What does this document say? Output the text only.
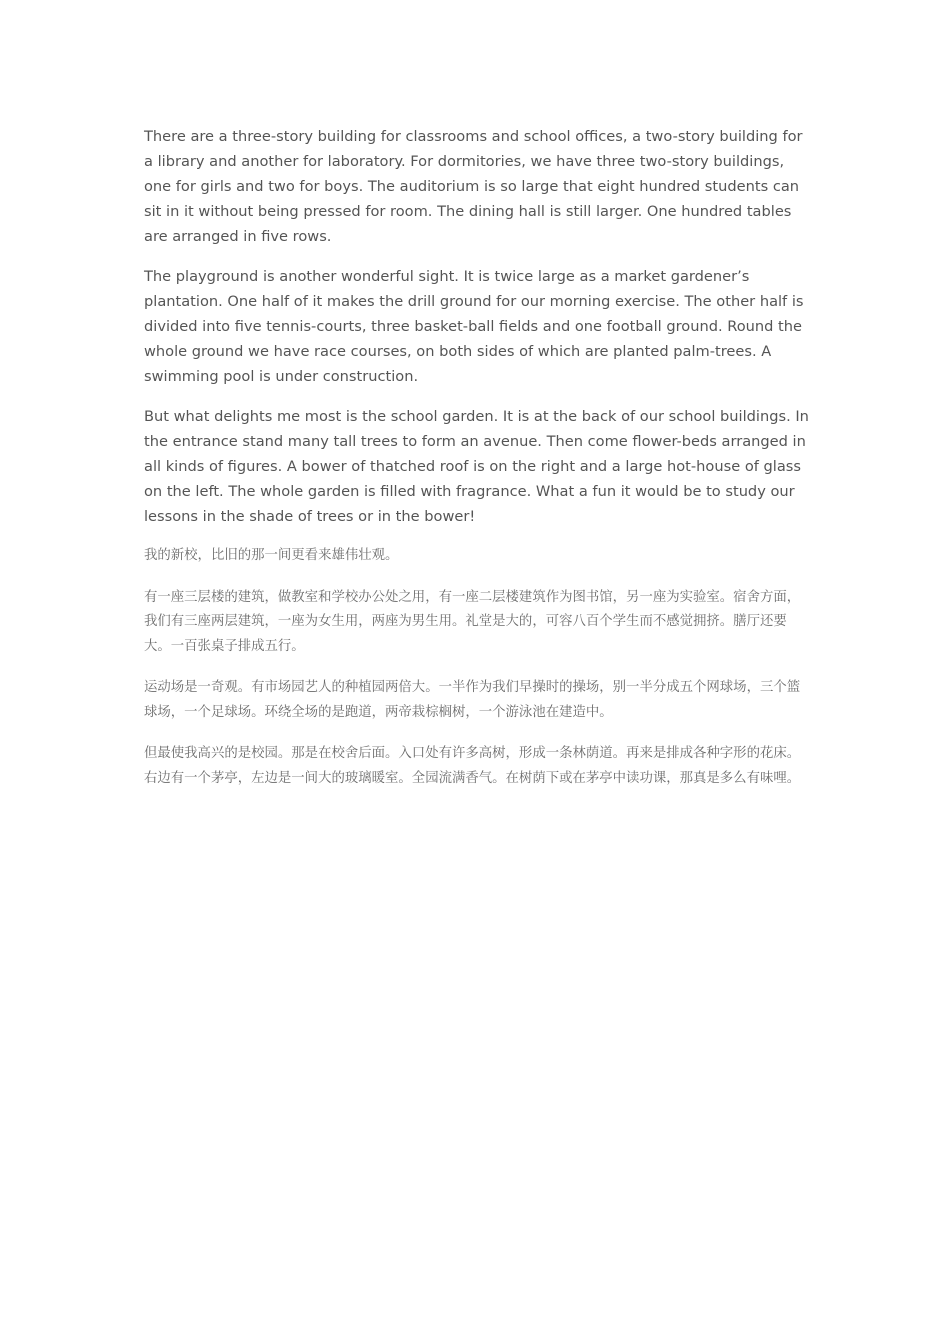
There are a three-story building for classrooms and school offices, a two-story building for a library and another for laboratory. For dormitories, we have three two-story buildings, one for girls and two for boys. The auditorium is so large that eight hundred students can sit in it without being pressed for room. The dining hall is still larger. One hundred tables are arranged in five rows.

The playground is another wonderful sight. It is twice large as a market gardener’s plantation. One half of it makes the drill ground for our morning exercise. The other half is divided into five tennis-courts, three basket-ball fields and one football ground. Round the whole ground we have race courses, on both sides of which are planted palm-trees. A swimming pool is under construction.

But what delights me most is the school garden. It is at the back of our school buildings. In the entrance stand many tall trees to form an avenue. Then come flower-beds arranged in all kinds of figures. A bower of thatched roof is on the right and a large hot-house of glass on the left. The whole garden is filled with fragrance. What a fun it would be to study our lessons in the shade of trees or in the bower!

我的新校，比旧的那一间更看来雄伟壮观。

有一座三层楼的建筑，做教室和学校办公处之用，有一座二层楼建筑作为图书馆，另一座为实验室。宿舍方面，我们有三座两层建筑，一座为女生用，两座为男生用。礼堂是大的，可容八百个学生而不感觉拥挤。膳厅还要大。一百张桌子排成五行。

运动场是一奇观。有市场园艺人的种植园两倍大。一半作为我们早操时的操场，别一半分成五个网球场，三个篮球场，一个足球场。环绕全场的是跑道，两帝栽棕榈树，一个游泳池在建造中。

但最使我高兴的是校园。那是在校舍后面。入口处有许多高树，形成一条林荫道。再来是排成各种字形的花床。右边有一个茅亭，左边是一间大的玻璃暖室。全园流满香气。在树荫下或在茅亭中读功课，那真是多么有味哩。
